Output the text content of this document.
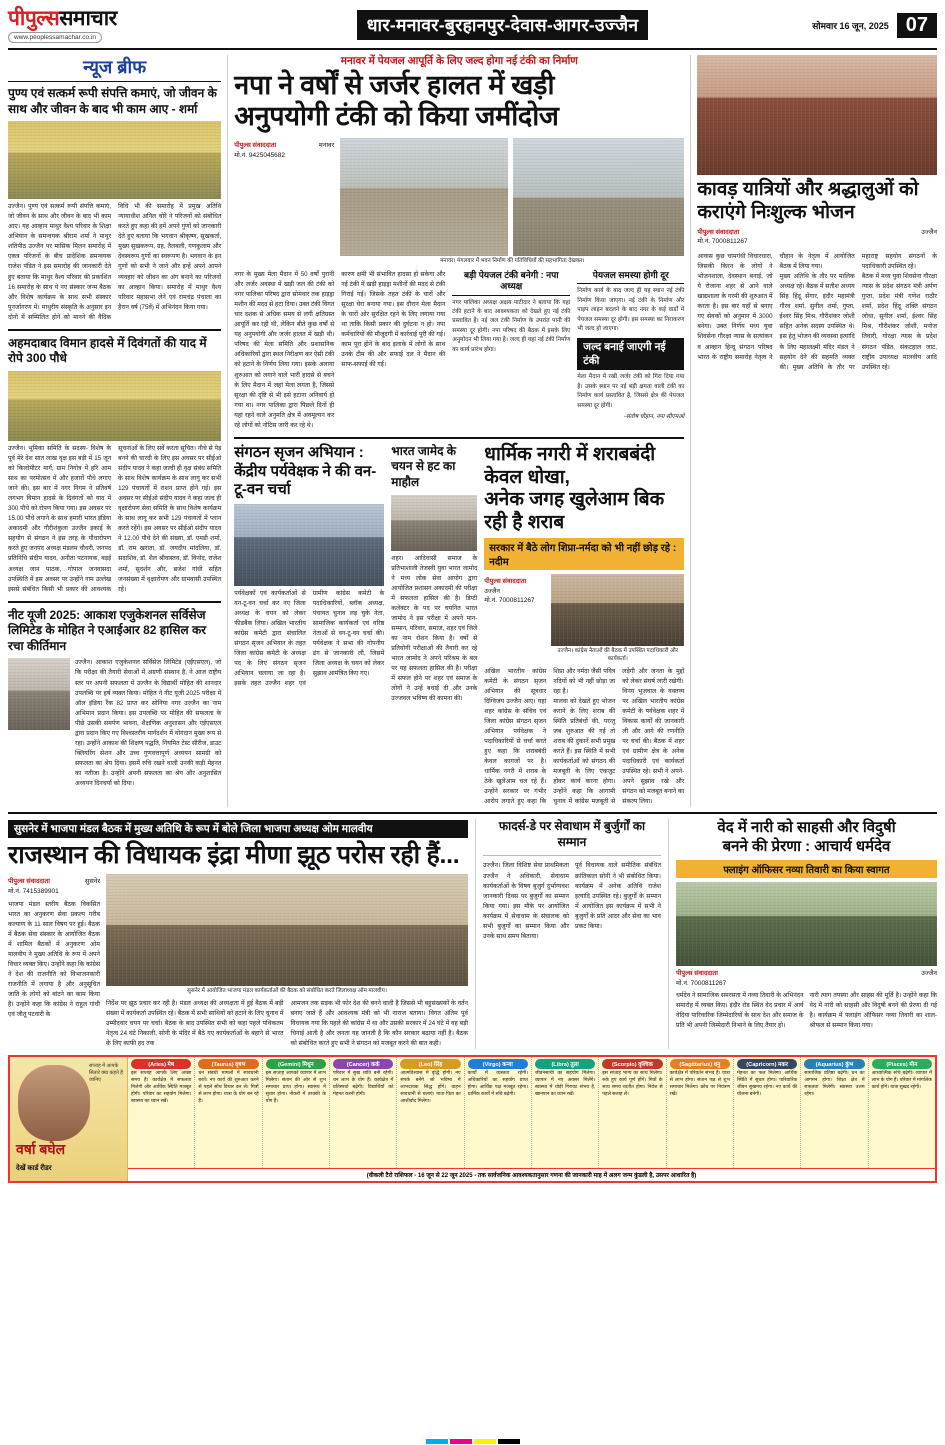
पीपुल्ससमाचार
www.peoplessamachar.co.in
धार-मनावर-बुरहानपुर-देवास-आगर-उज्जैन	सोमवार 16 जून, 2025 07
न्यूज ब्रीफ
पुण्य एवं सत्कर्म रूपी संपत्ति कमाएं, जो जीवन के साथ और जीवन के बाद भी काम आए - शर्मा
उज्जैन। पुण्य एवं सत्कर्म रूपी संपत्ति कमाएं, जो जीवन के साथ और जीवन के बाद भी काम आए। यह आव्हान माथुर वैश्य परिवार के शिक्षा अभियान के समन्वयक श्रीराम शर्मा ने माथुर शतिपीठ उज्जैन पर मासिक मिलन समारोह में एकत्र परिजनों के बीच प्रादेशिक समन्वयक राजेश पंडित ने इस समारोह की जानकारी देते हुए बताया कि माथुर वैश्य परिवार की प्रकाशित 16 समारोह के साथ ये नए संस्कार जन्म बैठक और विशेष कार्यक्रम के साथ सभी संस्कार पुनर्जागरण में। माथुरीय संस्कृति के अनुसार इन दोनों में सम्मिलित होने को मानने की वैदिक विधि भी की समारोह में प्रमुख अतिथि न्यायाधीश अनिल चोरे ने परिजनों को संबोधित करते हुए कहा की हमें अपने गुणों को जानकारी देते हुए बताया कि भगवान श्रीकृष्ण, सुखकर्ता, मुख्य सुखकरूप, ग्रह, तैलबली, गणकुलाम और देवस्वरूप गुणों का स्वरूपण है। भगवान के इन गुणों को सभी ने जाने और इन्हें अपने आपने व्यवहार को जीवन का अंग बनाने का परिजनों का आव्हान किया। समारोह में माथुर वैश्य परिवार महासभा लेने एवं रामचंद्र पंचाला का हैरान वर्ष (75वें) में अभिनंदन किया गया।
अहमदाबाद विमान हादसे में दिवंगतों की याद में रोपे 300 पौधे
उज्जैन। भूमिका समिति के सदस्य- विशेष के पूर्व मेरे देश सात लाख वृक्ष इस बड़ी में 15 जून को किलोमीटर मार्ग, ग्राम निगोत्र में हरि आम साथ का परमोत्सव में और हजारों पौधे लगाए जाने की। इस बार में नगर निगम ने प्रतिवर्ष लगभग विमान हादसे के दिवंगतों को याद में 300 पौधे को रोपण किया गया। इस अवसर पर 15.00 पौधे लगाने के साथ हमारी भारत इंडिया अकादमी और गौरीशंकुला उज्जैन इकाई के सहयोग से संगठन ने इस तरह के पौधारोपण करते हुए जनपद अध्यक्ष मंडलम चौधरी, जनपद प्रतिनिधि संदीप यादव, अनीता पटनायक, बड़ई अध्यक्ष जान पाठक, गोपाल जनवासदा उपस्थिति में इस अवसर पर उन्होंने नाम उल्लेख इससे संबंधित किसी भी प्रकार की आवश्यक सूचनाओं के लिए सर्वे करता सूचित। नीचे से पेड़ बनने की चारदी के लिए इस अवसर पर सीईओ संदीप यादव ने कहा जल्दी ही वृक्ष संबंध समिति के साथ विशेष कार्यक्रम के साथ लागू कर सभी 129 पंचायतों में राशन प्राप्त होने गई। इस अवसर पर सीईओ संदीप यादव ने कहा जल्द ही वृक्षारोपण सेवा समिति के साथ विशेष कार्यक्रम के साथ लागू कर सभी 129 पंचायतों में प्लान करते रहेंगे। इस अवसर पर सीईओ संदीप यादव ने 12.00 पौधे देने की संख्या, डॉ. एमडी शर्मा, डॉ. राम खराता, डॉ. जयदीप मांदलिया, डॉ. सदाशिव, डॉ. शैल श्रीवास्तव, डॉ. विनोद, राजेश शर्मा, सुदर्शन और, ब्रजेश गांधी सहित जनसंख्या में वृक्षारोपण और ग्रामवासी उपस्थित रहे।
नीट यूजी 2025: आकाश एजुकेशनल सर्विसेज लिमिटेड के मोहित ने एआईआर 82 हासिल कर रचा कीर्तिमान
उज्जैन। आकाश एजुकेशनल सर्विसेज लिमिटेड (एईएसएल), जो कि परीक्षा की तैयारी सेवाओं में अग्रणी संस्थान है, ने आज राष्ट्रीय स्तर पर अपनी सफलता में उज्जैन के विद्यार्थी मोहित की शानदार उपलब्धि पर हर्ष व्यक्त किया। मोहित ने नीट यूजी 2025 परीक्षा में ऑल इंडिया रैंक 82 प्राप्त कर सोनिया नगर उज्जैन का नाम अभिमान प्रदान किया। इस उपलब्धि पर मोहित की सफलता के पीछे उसकी समर्पण भावना, शैक्षणिक अनुशासन और एईएसएल द्वारा प्रदान किए गए विश्वस्तरीय मार्गदर्शन में योगदान मुख्य रूप से रहा। उन्होंने आकाश की शिक्षण पद्धति, नियमित टेस्ट सीरीज, डाउट क्लियरिंग सेशन और उच्च गुणवत्तापूर्ण अध्ययन सामग्री को सफलता का श्रेय दिया। इसमें रुचि रखने वाली उनकी कड़ी मेहनत का नतीजा है। उन्होंने अपनी सफलता का श्रेय और अनुशासित अध्ययन दिनचर्या को दिया।
मनावर में पेयजल आपूर्ति के लिए जल्द होगा नई टंकी का निर्माण
नपा ने वर्षों से जर्जर हालत में खड़ी
अनुपयोगी टंकी को किया जमींदोज
पीपुल्स संवाददाता	मनावर

मो.नं. 9425045682
मनावर। मंगलवार में भवन निर्माण की गतिविधियों की सहभागिता देखकर।
नगर के मुख्य मेला मैदान में 50 वर्षों पुरानी और जर्जर अवस्था में खड़ी जल की टंकी को नगर पालिका परिषद द्वारा सोमवार तक हाइड्रा मशीन की मदद से हटा दिया। उक्त टंकी विगत चार दशक से अधिक समय से लगी क्षतिग्रस्त आपूर्ति कर रही थी, लेकिन बीते कुछ वर्षों से यह अनुपयोगी और जर्जर हालत में खड़ी थी। परिषद की मेला समिति और प्रशासनिक अधिकारियों द्वारा स्थल निरीक्षण कर ऐसी टंकी को हटाने के निर्णय लिया गया। इसके अलावा शुरुआत को लगाने वाले भारी हादसे से बचने के लिए मैदान में जहां मेला लगता है, जिससे सुरक्षा की दृष्टि से भी इसे हटाना अनिवार्य हो गया था। नगर पालिका द्वारा पिछले दिनों ही यहां रहने वाले अनुमति क्षेत्र में अवमूल्यन कर रहे लोगों को नोटिस जारी कर रहे थे।
कारण क्षमी भी संभावित हादसा हो सकेगा और नई टंकी में खड़ी हाइड्रा मशीनों की मदद से टंकी गिराई गई। जिसके तहत टंकी के चारों और सुरक्षा घेरा बनाया गया। इस दौरान मेला मैदान के चारों ओर सुरक्षित रहने के लिए लगाया गया था ताकि किसी प्रकार की दुर्घटना न हो। नपा कर्मचारियों की मौजूदगी में कार्रवाई पूरी की गई। काम पूरा होने के बाद इलाके में लोगों के साथ उनके टीम की और सफाई दल ने मैदान की साफ-सफाई की गई।
बड़ी पेयजल टंकी बनेगी : नपा अध्यक्ष
नगर पालिका अध्यक्ष अक्षय पाटीदार ने बताया कि यहां टंकी हटाने के बाद आवश्यकता को देखते हुए नई टंकी प्रस्तावित है। नई जल टंकी निर्माण के उपरांत पानी की समस्या दूर होगी। नपा परिषद की बैठक में इसके लिए अनुमोदन भी लिया गया है। जल्द ही यहां नई टंकी निर्माण का कार्य प्रारंभ होगा।
पेयजल समस्या होगी दूर
निर्माण कार्य के बाद जल्द ही यह स्थान नई टंकी निर्माण किया जाएगा। नई टंकी के निर्माण और पाइप लाइन बदलने के बाद नगर के कई वार्डों में पेयजल समस्या दूर होगी। इस समस्या का निराकरण भी जल्द हो जाएगा।
जल्द बनाई जाएगी नई टंकी
मेला मैदान में रखी जर्जर टंकी को गिरा दिया गया है। उसके स्थान पर नई बड़ी क्षमता वाली टंकी का निर्माण कार्य प्रस्तावित है, जिससे क्षेत्र की पेयजल समस्या दूर होगी।
-संतोष चौहान, नपा सीएमओ
संगठन सृजन अभियान : केंद्रीय पर्यवेक्षक ने की वन-टू-वन चर्चा
पर्यवेक्षकों एवं कार्यकर्ताओं से वन-टू-वन चर्चा कर नए जिला अध्यक्ष के चयन को लेकर फीडबैक लिया। अखिल भारतीय कांग्रेस कमेटी द्वारा संचालित संगठन सृजन अभियान के तहत जिला कांग्रेस कमेटी के अध्यक्ष पद के लिए संगठन सृजन अभियान चलाया जा रहा है। इसके तहत उज्जैन शहर एवं ग्रामीण कांग्रेस कमेटी के पदाधिकारियों, ब्लॉक अध्यक्ष, पंचायत चुनाव लड़ चुके नेता, सामाजिक कार्यकर्ता एवं वरिष्ठ नेताओं से वन-टू-वन चर्चा की। पर्यवेक्षक ने सभा की गोपनीय ढंग से जानकारी ली, जिसमें जिला अध्यक्ष के चयन को लेकर सुझाव आमंत्रित किए गए।
भारत जामेद के चयन से हट का माहौल
शहर। आदिवासी समाज के प्रतिभाशाली तेजस्वी युवा भारत जामोद ने मध्य लोक सेवा आयोग द्वारा आयोजित प्रशासन अकादमी की परीक्षा में सफलता हासिल की है। डिप्टी कलेक्टर के पद पर चयनित भारत जामोद ने इस परीक्षा में अपने मान-सम्मान, परिवार, समाज, शहर एवं जिले का नाम रोशन किया है। वर्षों से प्रतियोगी परीक्षाओं की तैयारी कर रहे भारत जामोद ने अपने परिश्रम के बल पर यह सफलता हासिल की है। परीक्षा में सफल होने पर शहर एवं समाज के लोगों ने उन्हें बधाई दी और उनके उज्जवल भविष्य की कामना की।
धार्मिक नगरी में शराबबंदी केवल धोखा,
अनेक जगह खुलेआम बिक रही है शराब
सरकार में बैठे लोग शिप्रा-नर्मदा को भी नहीं छोड़ रहे : नदीम
पीपुल्स संवाददाता
उज्जैन
मो.नं. 7000811267
उज्जैन। कांग्रेस नेताओं की बैठक में उपस्थित पदाधिकारी और कार्यकर्ता।
अखिल भारतीय कांग्रेस कमेटी के संगठन सृजन अभियान की सूत्रधार दिग्विजय उज्जैन आए। यहां शहर कांग्रेस के संचिव एवं जिला कांग्रेस संगठन सृजन अभियान पर्यवेक्षक ने पदाधिकारियों से चर्चा करते हुए कहा कि शराबबंदी केवल कागजों पर है। धार्मिक नगरी में शराब के ठेके खुलेआम चल रहे हैं। उन्होंने सरकार पर गंभीर आरोप लगाते हुए कहा कि शिप्रा और नर्मदा जैसी पवित्र नदियों को भी नहीं छोड़ा जा रहा है।
मालवा को देखते हुए भोजन कराने के लिए शराब की स्थिति प्रतिबंधों की, परन्तु जब शुरुआत की गई तो शराब की दुकानें सभी प्रमुख करते हैं। इस स्थिति में सभी कार्यकर्ताओं को संगठन की मजबूती के लिए एकजुट होकर कार्य करना होगा। उन्होंने कहा कि आगामी चुनाव में कांग्रेस मजबूती से लड़ेगी और जनता के मुद्दों को लेकर संघर्ष जारी रखेगी।
विनय भुजवाल के वक्तव्य पर अखिल भारतीय कांग्रेस कमेटी के पर्यवेक्षक शहर में विकास कार्यों की जानकारी ली और आगे की रणनीति पर चर्चा की। बैठक में शहर एवं ग्रामीण क्षेत्र के अनेक पदाधिकारी एवं कार्यकर्ता उपस्थित रहे। सभी ने अपने-अपने सुझाव रखे और संगठन को मजबूत बनाने का संकल्प लिया।
कावड़ यात्रियों और श्रद्धालुओं को कराएंगे निःशुल्क भोजन
पीपुल्स संवाददाता	उज्जैन

मो.नं. 7000811267
आवास कुछ चामगंधी विचारधारा, जिसकी किरन के लोगों ने भोजनशाला, देवस्थान बनाई, जो ये रोजाना शहर से आने वाले खाद्यशाला के गरमी की शुरुआत में करता है। इस बार यहाँ से बनाए गए सेवकों को अनुमान में 3000 बनेगा। उक्त निर्णय मध्य युवा शिवसेना गौरक्षा न्यास के सत्यांकन व आव्हान हिन्दू संगठन परिषद भारत के राष्ट्रीय समारोह नेतृत्व ने चौहान के नेतृत्व में आयोजित बैठक में लिया गया।
मुख्य अतिथि के तौर पर मालिक अध्यक्ष रहे। बैठक में सतीश अध्यय सिंह हिंदू सेंगार, इंदौर महामंत्री गौरव शर्मा, सुनील शर्मा, गुप्ता, ईश्वर सिंह मिश्र, गौरीशंकर जोशी सहित अनेक सदस्य उपस्थित थे। इस हेतु भोजन की व्यवस्था इत्यादि के लिए महालक्ष्मी मंदिर मंडल ने सहयोग देने की सहमति व्यक्त की। मुख्य अतिथि के तौर पर महाराष्ट्र सहयोग संगठनों के पदाधिकारी उपस्थित रहे।
बैठक में मध्य युवा शिवसेना गौरक्षा न्यास के प्रदेश संगठन मंत्री अर्पण गुप्ता, प्रदेश मंत्री गणेश राठौर शर्मा, प्रदेश हिंदू शक्ति संगठन जोधा, सुनील शर्मा, ईश्वर सिंह मिश्र, गौरीशंकर जोशी, मनोज तिवारी, गोरक्षा न्यास के प्रदेश संगठन पंडित, संकटहाल जाट, राष्ट्रीय उपाध्यक्ष मालवीय आदि उपस्थित रहे।
सुसनेर में भाजपा मंडल बैठक में मुख्य अतिथि के रूप में बोले जिला भाजपा अध्यक्ष ओम मालवीय
राजस्थान की विधायक इंद्रा मीणा झूठ परोस रही हैं...
पीपुल्स संवाददाता	सुसनेर

मो.नं. 7415389901
भाजपा मंडल स्तरीय बैठक विकसित भारत का अनुकरण सेवा प्रकल्प गरीब कल्याण के 11 साल विषय पर हुई। बैठक में बैठक सेवा संस्कार के आयोजित बैठक में शामिल बैठकों में अनुकरण ओम मालवीय ने मुख्य अतिथि के रूप में अपने विचार व्यक्त किए। उन्होंने कहा कि कांग्रेस ने देश की राजनीति को विभाजनकारी राजनीति में लगाया है और अनुसूचित जाति के लोगों को बांटने का काम किया है। उन्होंने कहा कि कांग्रेस ने राहुल गांधी एवं जीतू पटवारी के
सुसनेर में आयोजित भाजपा मंडल कार्यकर्ताओं की बैठक को संबोधित करते जिलाध्यक्ष ओम मालवीय।
निर्देश पर झूठ प्रचार कर रही है। मंडल अध्यक्ष की अध्यक्षता में हुई बैठक में बड़ी संख्या में कार्यकर्ता उपस्थित रहे। बैठक में सभी साथियों को हटाने के लिए चुनाव में उम्मीदवार चयन पर चर्चा। बैठक के बाद उपस्थित सभी को कहा पहले पथिकतम नेतृत्व 24 घंटे निकाली, सोनी के मंदिर में बैठे गए कार्यकर्ताओं के बहाने से भारत के लिए काफी हद तक
आमजन तक सड़क भी फोर देश की बनने वाली है जिससे भी बहुसंख्यकों के वर्तन बनाए जाते हैं और आवश्यक मंत्री को भी नाराज बताया। विगत अंतिम पूर्व विधायक गया कि पहले की कांग्रेस में था और उसकी सरकार में 24 घंटे में वह बड़ी चिनाई आती है और जनता यह जानती है कि कौन सरकार बढ़ाया नहीं है। बैठक को संबोधित करते हुए सभी ने संगठन को मजबूत करने की बात कही।
फादर्स-डे पर सेवाधाम में बुर्जुर्गों का सम्मान
उज्जैन। जिला विशिष्ट सेवा प्राथमिकता उज्जैन ने अधिकारी, सेवाधाम कार्यकर्ताओं के विषय बुजुर्ग दुर्भाग्यवश जानकारी दिवस पर बुजुर्गों का सम्मान किया गया। इस मौके पर आयोजित कार्यक्रम में सेवाधाम के संचालक को सभी बुजुर्गों का सम्मान किया और उनके साथ समय बिताया।
पूर्व विधायक वाले समीतिक संबंधित क्रांतिकाल सोनी ने भी संबोधित किया। कार्यक्रम में अनेक अतिथि राजेश इत्यादि उपस्थित रहे। बुजुर्गों के सम्मान में आयोजित इस कार्यक्रम में सभी ने बुजुर्गों के प्रति आदर और सेवा का भाव प्रकट किया।
वेद में नारी को साहसी और विदुषी
बनने की प्रेरणा : आचार्य धर्मदेव
फ्लाइंग ऑफिसर नव्या तिवारी का किया स्वागत
पीपुल्स संवाददाता	उज्जैन

मो.नं. 7000811267
धर्मदेव ने सामाजिक समरसता में नव्या तिवारी के अभिनंदन समारोह में व्यक्त किए। इंदौर रोड स्थित वेद प्रचार में आर्य वेदिया पारिवारिक जिम्मेदारियों के साथ देश और समाज के प्रति भी अपनी जिम्मेदारी निभाने के लिए तैयार हो।
नारी त्याग तपस्या और साहस की मूर्ति है। उन्होंने कहा कि वेद में नारी को साहसी और विदुषी बनने की प्रेरणा दी गई है। कार्यक्रम में फ्लाइंग ऑफिसर नव्या तिवारी का शाल-श्रीफल से सम्मान किया गया।
सप्ताह में आपके सितारे क्या कहते हैं जानिए
वर्षा बघेल
देखें कार्ड रीडर
(Aries) मेष
इस सप्ताह आपके लिए अच्छा समय है। कार्यक्षेत्र में सफलता मिलेगी और आर्थिक स्थिति मजबूत होगी। परिवार का सहयोग मिलेगा। स्वास्थ्य का ध्यान रखें।
(Taurus) वृषभ
धन संबंधी मामलों में सावधानी बरतें। नए कार्य की शुरुआत करने से पहले सोच विचार कर लें। मित्रों से लाभ होगा। यात्रा के योग बन रहे हैं।
(Gemini) मिथुन
इस सप्ताह आपको व्यापार में लाभ मिलेगा। संतान की ओर से शुभ समाचार प्राप्त होगा। स्वास्थ्य में सुधार होगा। नौकरी में तरक्की के योग हैं।
(Cancer) कर्क
परिवार में सुख शांति बनी रहेगी। धन लाभ के योग हैं। कार्यक्षेत्र में प्रतिस्पर्धा बढ़ेगी। विद्यार्थियों को मेहनत करनी होगी।
(Leo) सिंह
आत्मविश्वास में वृद्धि होगी। नए संपर्क बनेंगे जो भविष्य में लाभदायक सिद्ध होंगे। वाहन सावधानी से चलाएं। माता-पिता का आशीर्वाद मिलेगा।
(Virgo) कन्या
कार्यों में व्यस्तता रहेगी। अधिकारियों का सहयोग प्राप्त होगा। आर्थिक पक्ष मजबूत रहेगा। धार्मिक कार्यों में रुचि बढ़ेगी।
(Libra) तुला
जीवनसाथी का सहयोग मिलेगा। व्यापार में नए अवसर मिलेंगे। स्वास्थ्य में थोड़ी गिरावट संभव है, खानपान का ध्यान रखें।
(Scorpio) वृश्चिक
इस सप्ताह भाग्य का साथ मिलेगा। रुके हुए कार्य पूर्ण होंगे। मित्रों के साथ समय व्यतीत होगा। निवेश से पहले सलाह लें।
(Sagittarius) धनु
कार्यक्षेत्र में परिवर्तन संभव है। यात्रा से लाभ होगा। संतान पक्ष से शुभ समाचार मिलेगा। क्रोध पर नियंत्रण रखें।
(Capricorn) मकर
मेहनत का फल मिलेगा। आर्थिक स्थिति में सुधार होगा। पारिवारिक जीवन सुखमय रहेगा। नए कार्य की योजना बनेगी।
(Aquarius) कुंभ
सामाजिक प्रतिष्ठा बढ़ेगी। धन का आगमन होगा। शिक्षा क्षेत्र में सफलता मिलेगी। स्वास्थ्य उत्तम रहेगा।
(Pisces) मीन
आध्यात्मिक रुचि बढ़ेगी। व्यापार में लाभ के योग हैं। परिवार में मांगलिक कार्य होंगे। यात्रा सुखद रहेगी।
(वीकली टैरो राशिफल - 16 जून से 22 जून 2025 - तक सार्वजनिक आवश्यकतानुसार गणना की जानकारी माह में अलग जन्म कुंडली है, उसपर आधारित है)
